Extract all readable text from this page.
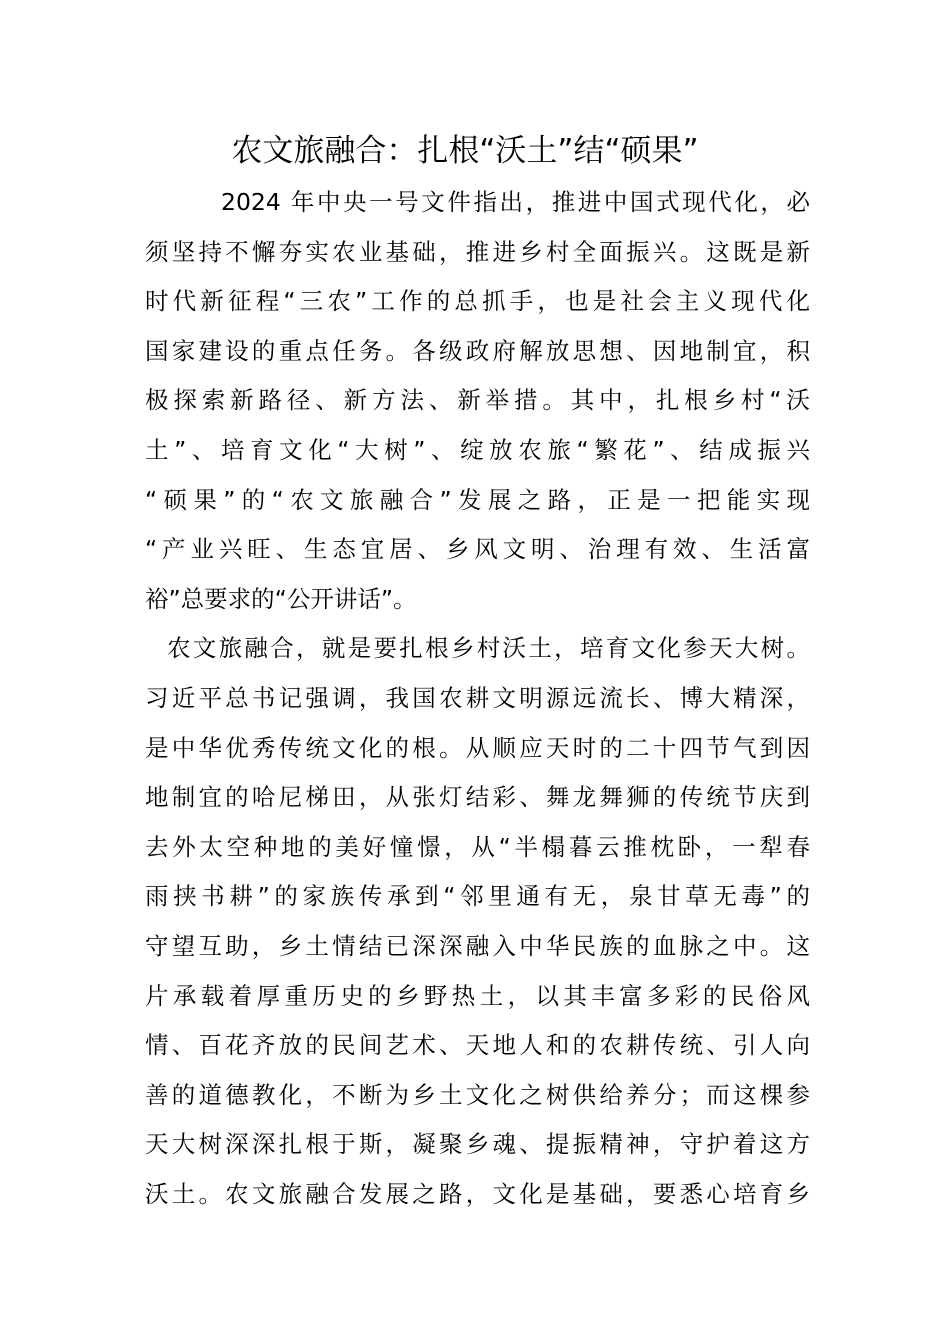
农文旅融合：扎根“沃土”结“硕果”
2024 年中央一号文件指出，推进中国式现代化，必
须坚持不懈夯实农业基础，推进乡村全面振兴。这既是新
时代新征程“三农”工作的总抓手，也是社会主义现代化
国家建设的重点任务。各级政府解放思想、因地制宜，积
极探索新路径、新方法、新举措。其中，扎根乡村“沃
土”、培育文化“大树”、绽放农旅“繁花”、结成振兴
“硕果”的“农文旅融合”发展之路，正是一把能实现
“产业兴旺、生态宜居、乡风文明、治理有效、生活富
裕”总要求的“公开讲话”。
农文旅融合，就是要扎根乡村沃土，培育文化参天大树。
习近平总书记强调，我国农耕文明源远流长、博大精深，
是中华优秀传统文化的根。从顺应天时的二十四节气到因
地制宜的哈尼梯田，从张灯结彩、舞龙舞狮的传统节庆到
去外太空种地的美好憧憬，从“半榻暮云推枕卧，一犁春
雨挟书耕”的家族传承到“邻里通有无，泉甘草无毒”的
守望互助，乡土情结已深深融入中华民族的血脉之中。这
片承载着厚重历史的乡野热土，以其丰富多彩的民俗风
情、百花齐放的民间艺术、天地人和的农耕传统、引人向
善的道德教化，不断为乡土文化之树供给养分；而这棵参
天大树深深扎根于斯，凝聚乡魂、提振精神，守护着这方
沃土。农文旅融合发展之路，文化是基础，要悉心培育乡
